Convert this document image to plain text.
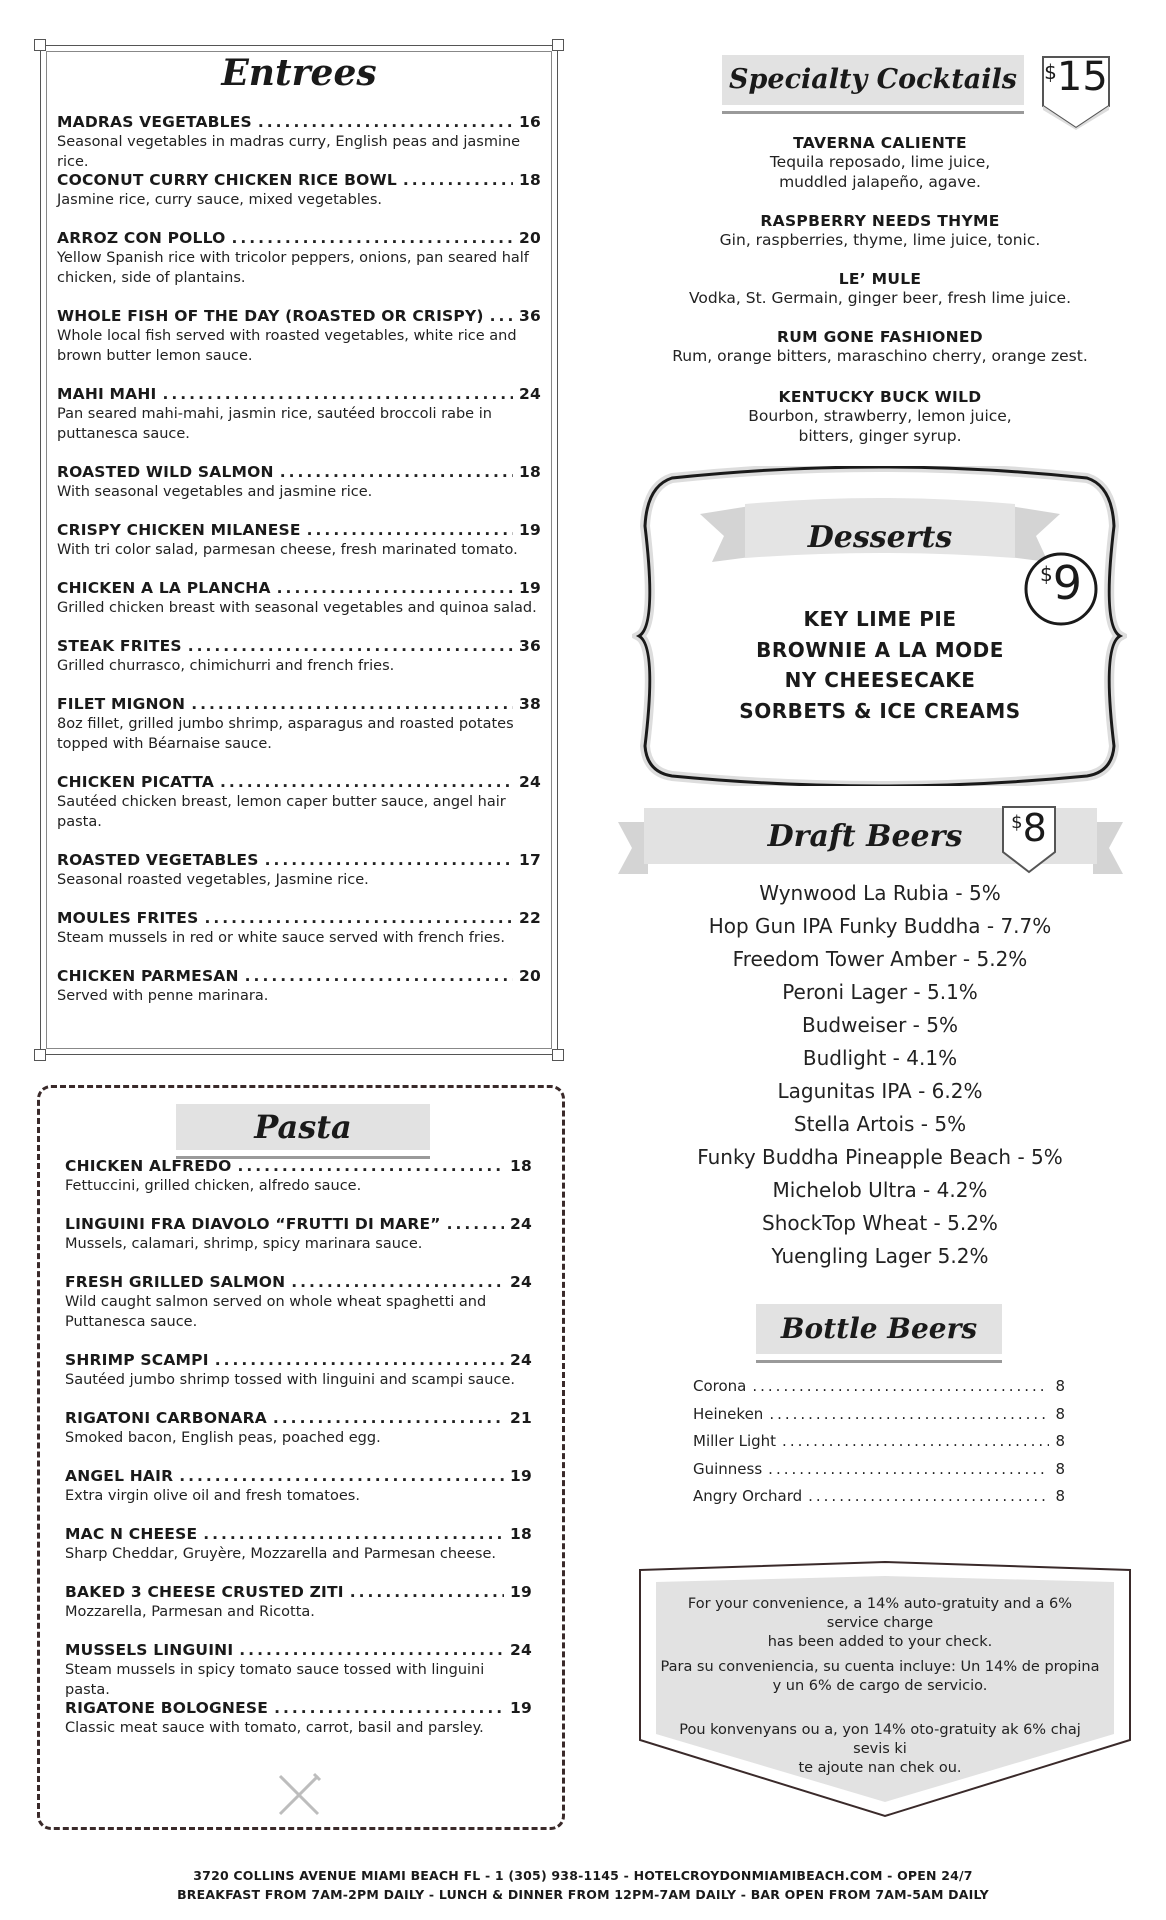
Entrees
MADRAS VEGETABLES .....	16
Seasonal vegetables in madras curry, English peas and jasmine rice.
COCONUT CURRY CHICKEN RICE BOWL .....	18
Jasmine rice, curry sauce, mixed vegetables.
ARROZ CON POLLO .....	20
Yellow Spanish rice with tricolor peppers, onions, pan seared half chicken, side of plantains.
WHOLE FISH OF THE DAY (ROASTED OR CRISPY) ..... 36
Whole local fish served with roasted vegetables, white rice and brown butter lemon sauce.
MAHI MAHI .....	24
Pan seared mahi-mahi, jasmin rice, sautéed broccoli rabe in puttanesca sauce.
ROASTED WILD SALMON .....	18
With seasonal vegetables and jasmine rice.
CRISPY CHICKEN MILANESE .....	19
With tri color salad, parmesan cheese, fresh marinated tomato.
CHICKEN A LA PLANCHA .....	19
Grilled chicken breast with seasonal vegetables and quinoa salad.
STEAK FRITES .....	36
Grilled churrasco, chimichurri and french fries.
FILET MIGNON .....	38
8oz fillet, grilled jumbo shrimp, asparagus and roasted potates topped with Béarnaise sauce.
CHICKEN PICATTA .....	24
Sautéed chicken breast, lemon caper butter sauce, angel hair pasta.
ROASTED VEGETABLES .....	17
Seasonal roasted vegetables, Jasmine rice.
MOULES FRITES .....	22
Steam mussels in red or white sauce served with french fries.
CHICKEN PARMESAN .....	20
Served with penne marinara.
Pasta
CHICKEN ALFREDO .....	18
Fettuccini, grilled chicken, alfredo sauce.
LINGUINI FRA DIAVOLO “FRUTTI DI MARE” .....	24
Mussels, calamari, shrimp, spicy marinara sauce.
FRESH GRILLED SALMON .....	24
Wild caught salmon served on whole wheat spaghetti and Puttanesca sauce.
SHRIMP SCAMPI .....	24
Sautéed jumbo shrimp tossed with linguini and scampi sauce.
RIGATONI CARBONARA .....	21
Smoked bacon, English peas, poached egg.
ANGEL HAIR .....	19
Extra virgin olive oil and fresh tomatoes.
MAC N CHEESE .....	18
Sharp Cheddar, Gruyère, Mozzarella and Parmesan cheese.
BAKED 3 CHEESE CRUSTED ZITI .....	19
Mozzarella, Parmesan and Ricotta.
MUSSELS LINGUINI .....	24
Steam mussels in spicy tomato sauce tossed with linguini pasta.
RIGATONE BOLOGNESE .....	19
Classic meat sauce with tomato, carrot, basil and parsley.
Specialty Cocktails	$15
TAVERNA CALIENTE
Tequila reposado, lime juice,
muddled jalapeño, agave.
RASPBERRY NEEDS THYME
Gin, raspberries, thyme, lime juice, tonic.
LE’ MULE
Vodka, St. Germain, ginger beer, fresh lime juice.
RUM GONE FASHIONED
Rum, orange bitters, maraschino cherry, orange zest.
KENTUCKY BUCK WILD
Bourbon, strawberry, lemon juice,
bitters, ginger syrup.
Desserts
$9
KEY LIME PIE
BROWNIE A LA MODE
NY CHEESECAKE
SORBETS & ICE CREAMS
Draft Beers	$8
Wynwood La Rubia - 5%
Hop Gun IPA Funky Buddha - 7.7%
Freedom Tower Amber - 5.2%
Peroni Lager - 5.1%
Budweiser - 5%
Budlight - 4.1%
Lagunitas IPA - 6.2%
Stella Artois - 5%
Funky Buddha Pineapple Beach - 5%
Michelob Ultra - 4.2%
ShockTop Wheat - 5.2%
Yuengling Lager 5.2%
Bottle Beers
Corona .....	8
Heineken .....	8
Miller Light .....	8
Guinness .....	8
Angry Orchard .....	8
For your convenience, a 14% auto-gratuity and a 6% service charge
has been added to your check.
Para su conveniencia, su cuenta incluye: Un 14% de propina
y un 6% de cargo de servicio.
Pou konvenyans ou a, yon 14% oto-gratuity ak 6% chaj sevis ki
te ajoute nan chek ou.
3720 COLLINS AVENUE MIAMI BEACH FL - 1 (305) 938-1145 - HOTELCROYDONMIAMIBEACH.COM - OPEN 24/7
BREAKFAST FROM 7AM-2PM DAILY - LUNCH & DINNER FROM 12PM-7AM DAILY - BAR OPEN FROM 7AM-5AM DAILY
